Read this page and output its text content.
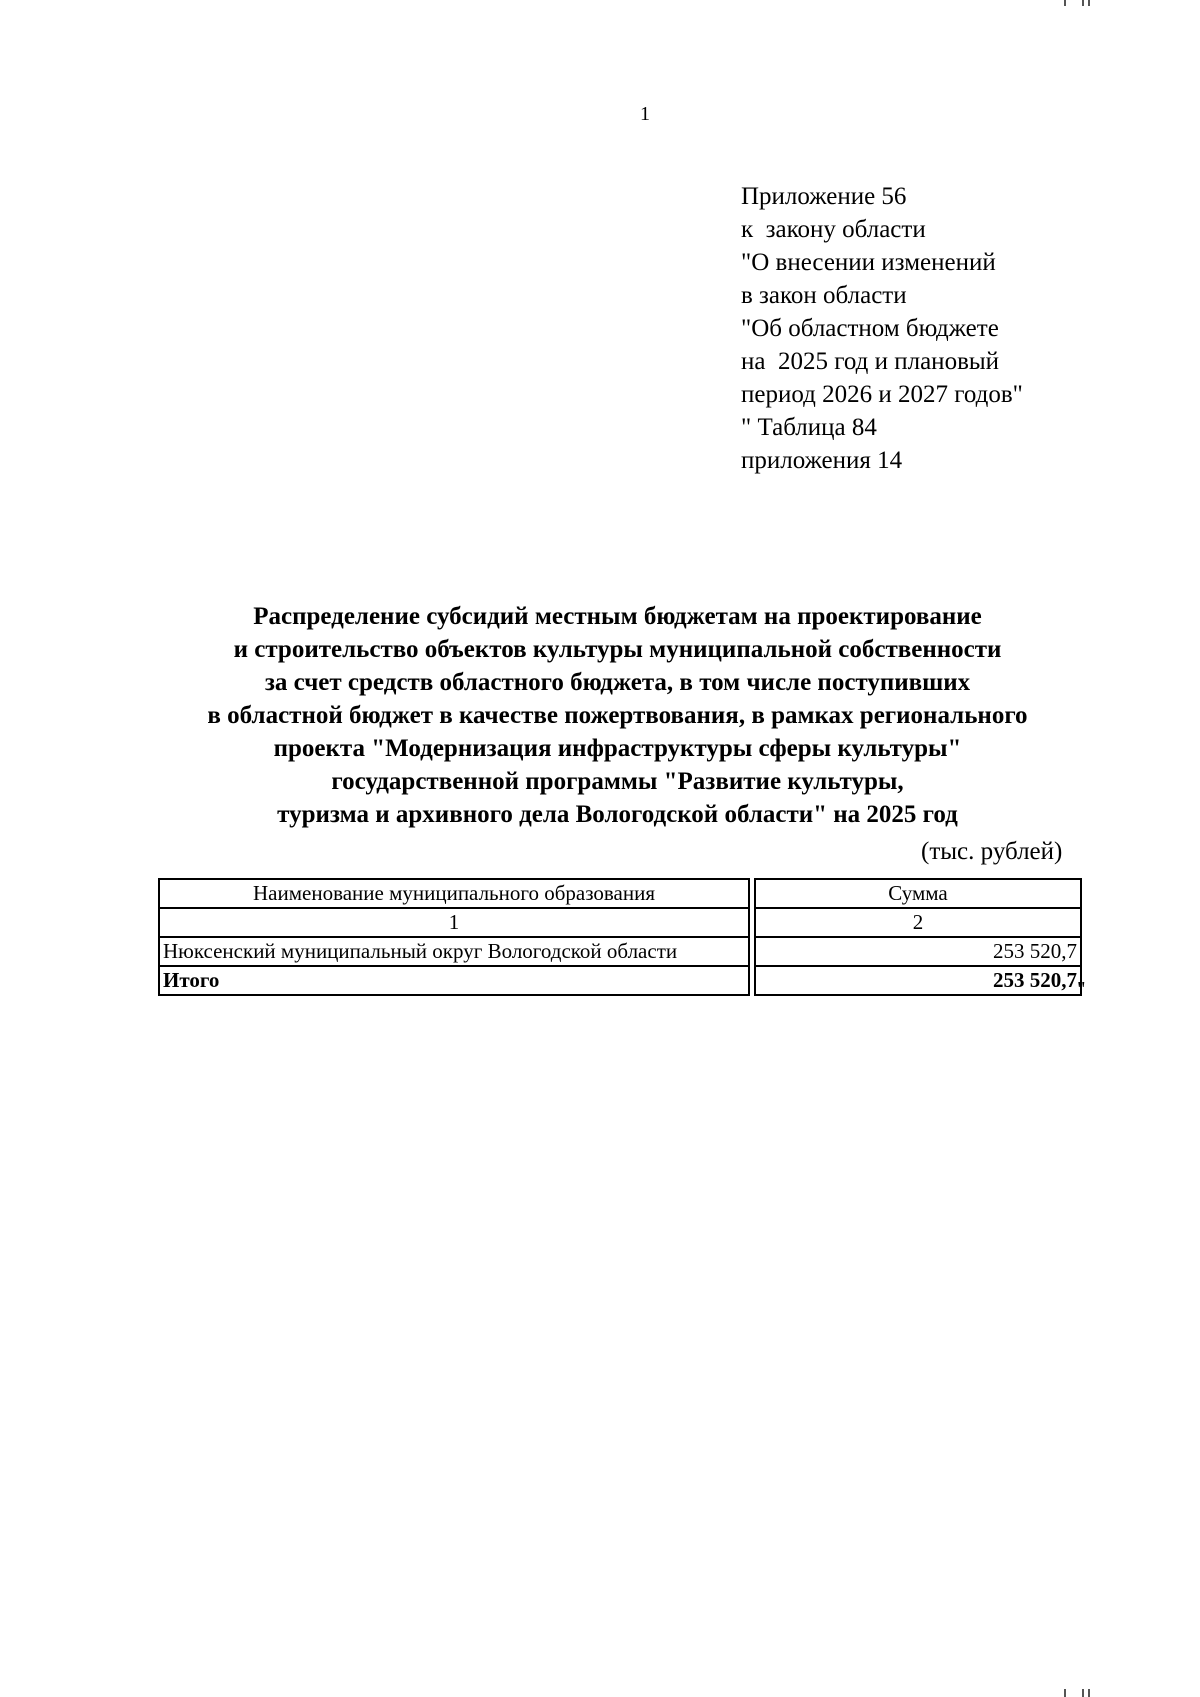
1
Приложение 56
к  закону области
"О внесении изменений
в закон области
"Об областном бюджете
на  2025 год и плановый
период 2026 и 2027 годов"
" Таблица 84
приложения 14
Распределение субсидий местным бюджетам на проектирование
и строительство объектов культуры муниципальной собственности
за счет средств областного бюджета, в том числе поступивших
в областной бюджет в качестве пожертвования, в рамках регионального
проекта "Модернизация инфраструктуры сферы культуры"
государственной программы "Развитие культуры,
туризма и архивного дела Вологодской области" на 2025 год
(тыс. рублей)
Наименование муниципального образования		Сумма
1		2
Нюксенский муниципальный округ Вологодской области		253 520,7
Итого		253 520,7 "
